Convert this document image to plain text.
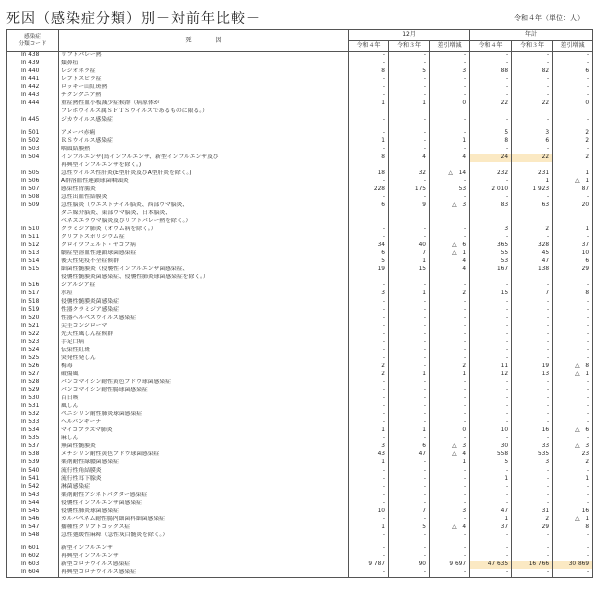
死因（感染症分類）別－対前年比較－	令和４年（単位：人）
感染症
分類コード	死　　　　因	12月			年計		
		令和４年	令和３年	差引増減	令和４年	令和３年	差引増減
In 438	リフトバレー熱	-	-	-	-	-	-
In 439	類鼻疽	-	-	-	-	-	-
In 440	レジオネラ症	8	5	3	88	82	6
In 441	レプトスピラ症	-	-	-	-	-	-
In 442	ロッキー山紅斑熱	-	-	-	-	-	-
In 443	チクングニア熱	-	-	-	-	-	-
In 444	重症熱性血小板減少症候群（病原体が	1	1	0	22	22	0
	フレボウイルス属ＳＦＴＳウイルスであるものに限る。）						
In 445	ジカウイルス感染症	-	-	-	-	-	-

In 501	アメーバ赤痢	-	-	-	5	3	2
In 502	ＲＳウイルス感染症	1	-	1	8	6	2
In 503	咽頭結膜熱	-	-	-	-	-	-
In 504	インフルエンザ(鳥インフルエンザ、新型インフルエンザ及び	8	4	4	24	22	2
	再興型インフルエンザを除く。)						
In 505	急性ウイルス性肝炎(E型肝炎及びA型肝炎を除く。)	18	32	△　14	232	231	1
In 506	A群溶血性連鎖球菌咽頭炎	-	-	-	-	1	△　1
In 507	感染性胃腸炎	228	175	53	2 010	1 923	87
In 508	急性出血性結膜炎	-	-	-	-	-	-
In 509	急性脳炎（ウエストナイル脳炎、西部ウマ脳炎、	6	9	△　3	83	63	20
	ダニ媒介脳炎、東部ウマ脳炎、日本脳炎、						
	ベネズエラウマ脳炎及びリフトバレー熱を除く。）						
In 510	クラミジア肺炎（オウム病を除く。）	-	-	-	3	2	1
In 511	クリプトスポリジウム症	-	-	-	-	-	-
In 512	クロイツフェルト・ヤコブ病	34	40	△　6	365	328	37
In 513	劇症型溶血性連鎖球菌感染症	6	7	△　1	55	45	10
In 514	後天性免疫不全症候群	5	1	4	53	47	6
In 515	細菌性髄膜炎（侵襲性インフルエンザ菌感染症、	19	15	4	167	138	29
	侵襲性髄膜炎菌感染症、侵襲性肺炎球菌感染症を除く。）						
In 516	ジアルジア症	-	-	-	-	-	-
In 517	水痘	3	1	2	15	7	8
In 518	侵襲性髄膜炎菌感染症	-	-	-	-	-	-
In 519	性器クラミジア感染症	-	-	-	-	-	-
In 520	性器ヘルペスウイルス感染症	-	-	-	-	-	-
In 521	尖圭コンジローマ	-	-	-	-	-	-
In 522	先天性風しん症候群	-	-	-	-	-	-
In 523	手足口病	-	-	-	-	-	-
In 524	伝染性紅斑	-	-	-	-	-	-
In 525	突発性発しん	-	-	-	-	-	-
In 526	梅毒	2	-	2	11	19	△　8
In 527	破傷風	2	1	1	12	13	△　1
In 528	バンコマイシン耐性黄色ブドウ球菌感染症	-	-	-	-	-	-
In 529	バンコマイシン耐性腸球菌感染症	-	-	-	-	-	-
In 530	百日咳	-	-	-	-	-	-
In 531	風しん	-	-	-	-	-	-
In 532	ペニシリン耐性肺炎球菌感染症	-	-	-	-	-	-
In 533	ヘルパンギーナ	-	-	-	-	-	-
In 534	マイコプラズマ肺炎	1	1	0	10	16	△　6
In 535	麻しん	-	-	-	-	-	-
In 537	無菌性髄膜炎	3	6	△　3	30	33	△　3
In 538	メチシリン耐性黄色ブドウ球菌感染症	43	47	△　4	558	535	23
In 539	薬剤耐性緑膿菌感染症	1	-	1	5	3	2
In 540	流行性角結膜炎	-	-	-	-	-	-
In 541	流行性耳下腺炎	-	-	-	1	-	1
In 542	淋菌感染症	-	-	-	-	-	-
In 543	薬剤耐性アシネトバクター感染症	-	-	-	-	-	-
In 544	侵襲性インフルエンザ菌感染症	-	-	-	-	-	-
In 545	侵襲性肺炎球菌感染症	10	7	3	47	31	16
In 546	カルバペネム耐性腸内細菌科細菌感染症	-	-	-	1	2	△　1
In 547	播種性クリプトコックス症	1	5	△　4	37	29	8
In 548	急性弛緩性麻痺（急性灰白髄炎を除く。）	-	-	-	-	-	-

In 601	新型インフルエンザ	-	-	-	-	-	-
In 602	再興型インフルエンザ	-	-	-	-	-	-
In 603	新型コロナウイルス感染症	9 787	90	9 697	47 635	16 766	30 869
In 604	再興型コロナウイルス感染症	-	-	-	-	-	-
